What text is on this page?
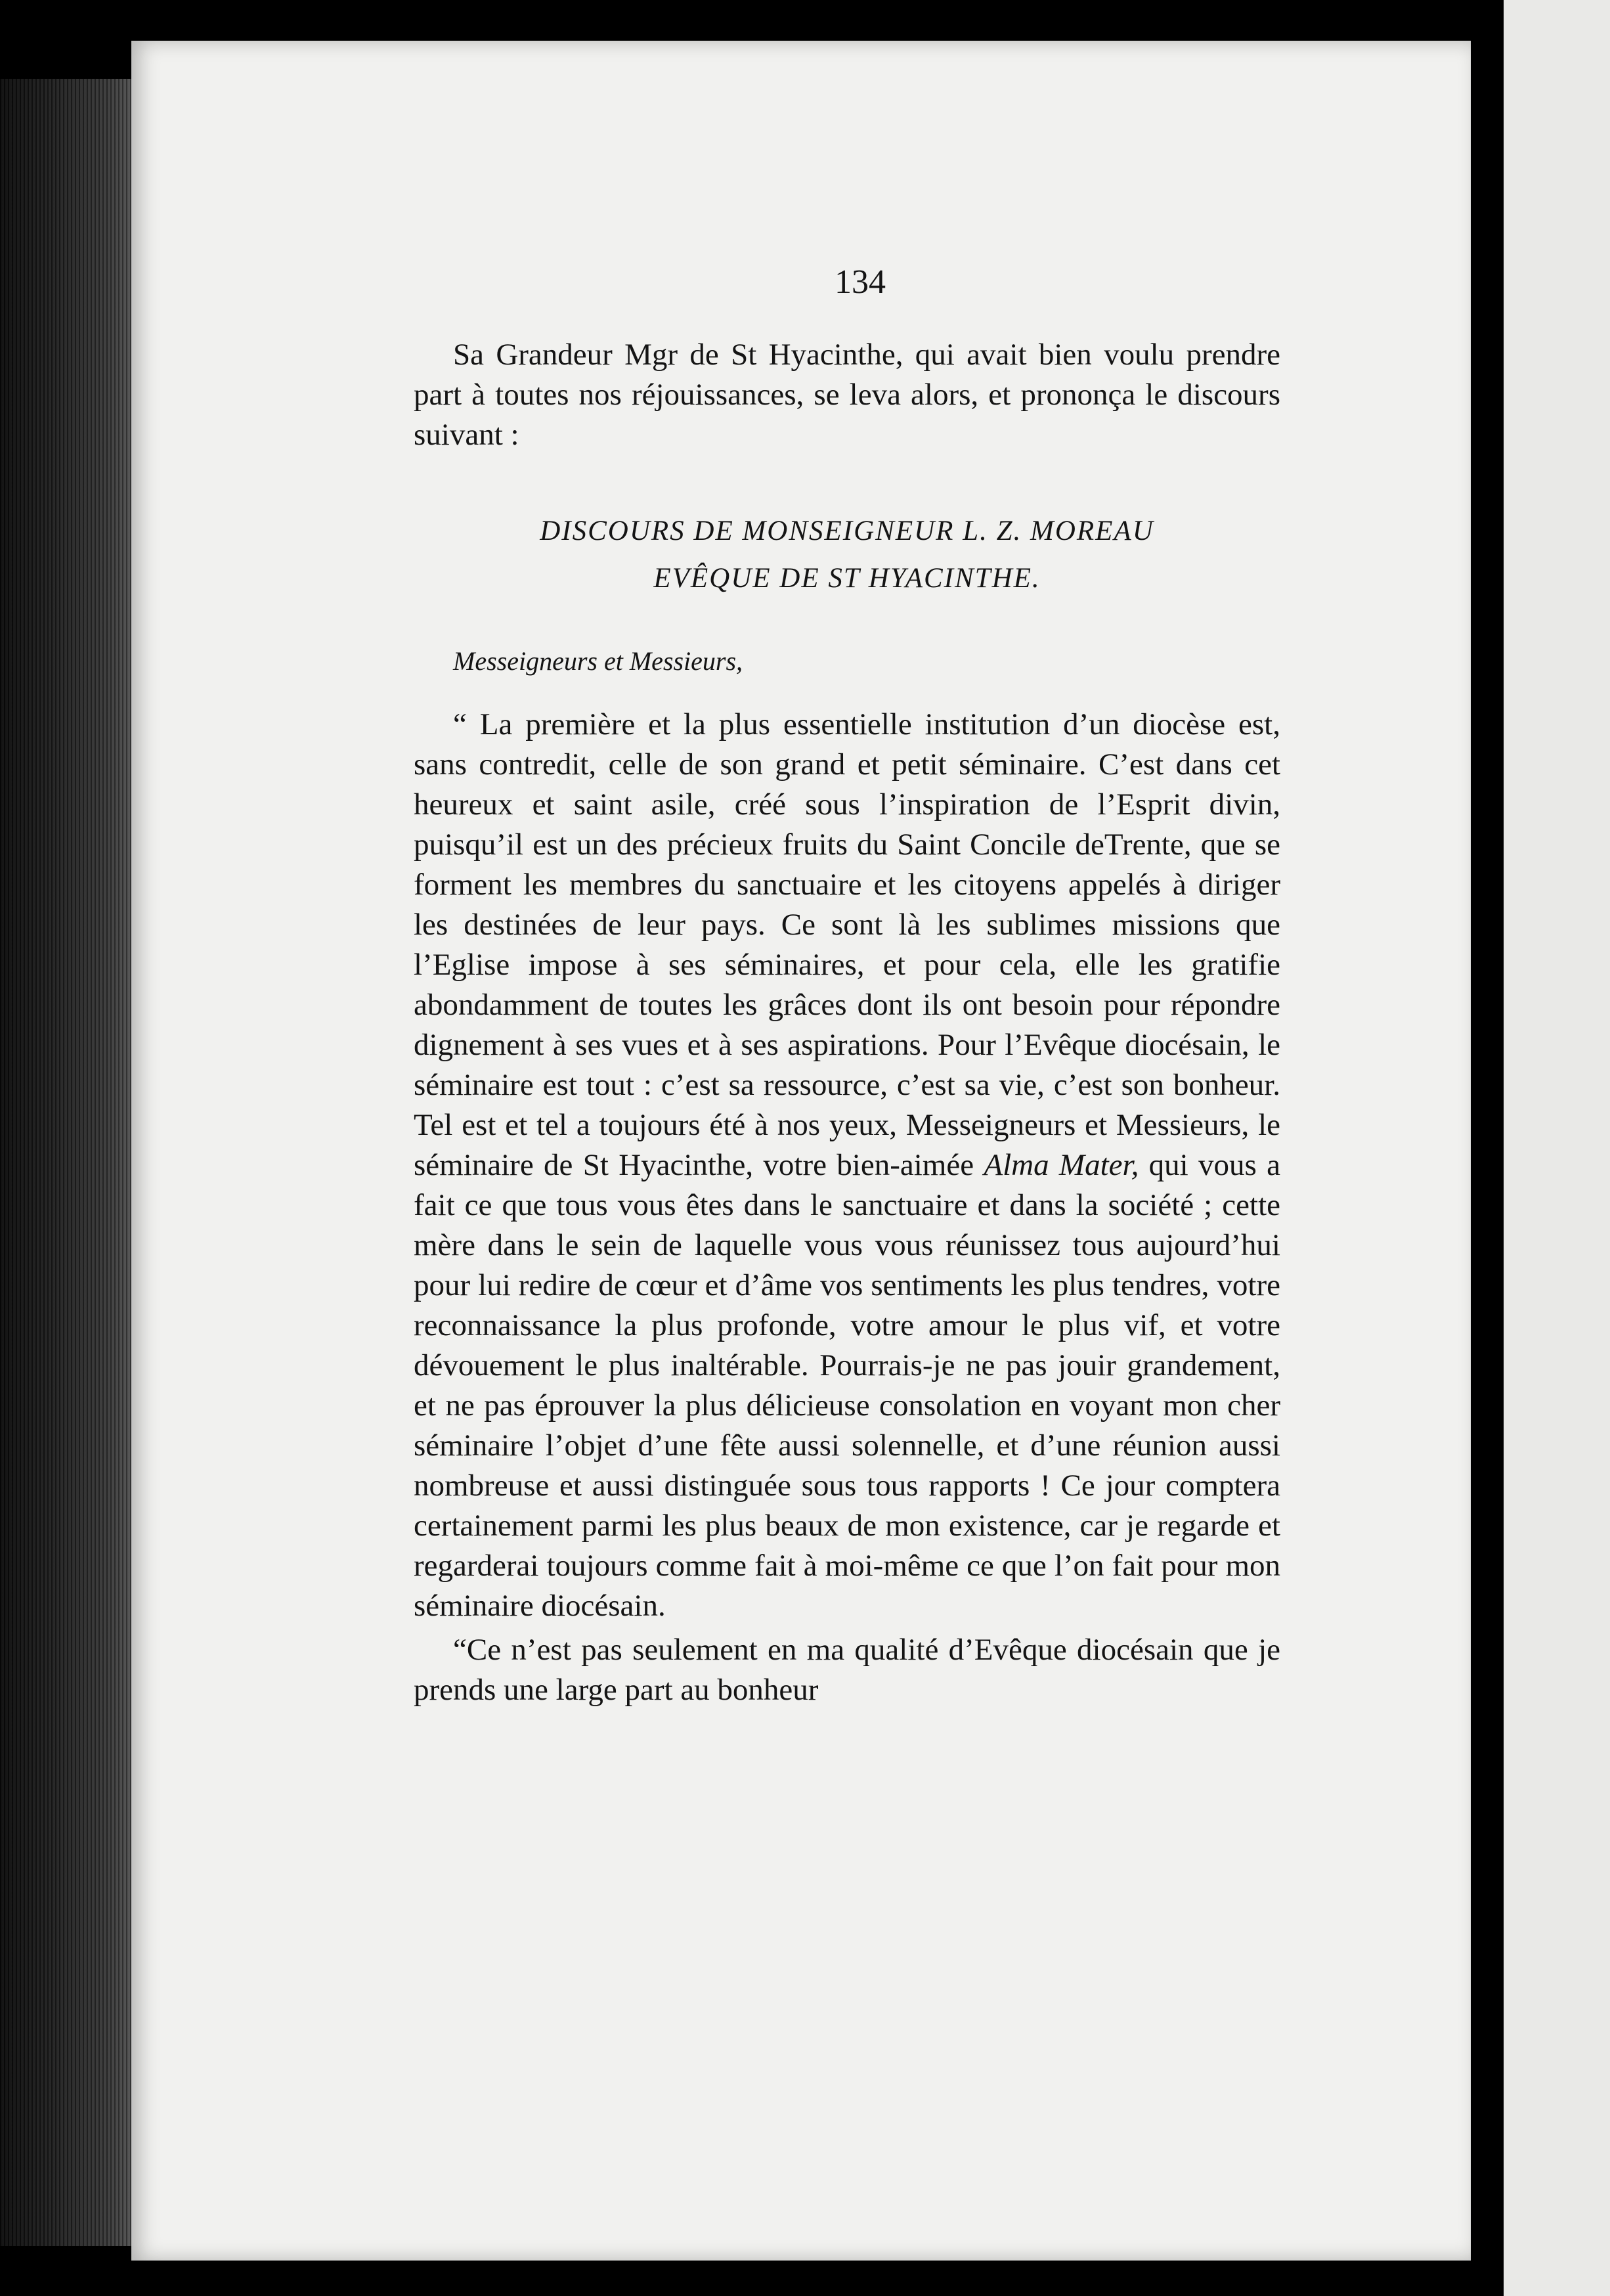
134

Sa Grandeur Mgr de St Hyacinthe, qui avait bien voulu prendre part à toutes nos réjouissances, se leva alors, et prononça le discours suivant :

DISCOURS DE MONSEIGNEUR L. Z. MOREAU

EVÊQUE DE ST HYACINTHE.

Messeigneurs et Messieurs,

“ La première et la plus essentielle institution d’un diocèse est, sans contredit, celle de son grand et petit séminaire. C’est dans cet heureux et saint asile, créé sous l’inspiration de l’Esprit divin, puisqu’il est un des précieux fruits du Saint Concile deTrente, que se forment les membres du sanctuaire et les citoyens appelés à diriger les destinées de leur pays. Ce sont là les sublimes missions que l’Eglise impose à ses séminaires, et pour cela, elle les gratifie abondamment de toutes les grâces dont ils ont besoin pour répondre dignement à ses vues et à ses aspirations. Pour l’Evêque diocésain, le séminaire est tout : c’est sa ressource, c’est sa vie, c’est son bonheur. Tel est et tel a toujours été à nos yeux, Messeigneurs et Messieurs, le séminaire de St Hyacinthe, votre bien-aimée Alma Mater, qui vous a fait ce que tous vous êtes dans le sanctuaire et dans la société ; cette mère dans le sein de laquelle vous vous réunissez tous aujourd’hui pour lui redire de cœur et d’âme vos sentiments les plus tendres, votre reconnaissance la plus profonde, votre amour le plus vif, et votre dévouement le plus inaltérable. Pourrais-je ne pas jouir grandement, et ne pas éprouver la plus délicieuse consolation en voyant mon cher séminaire l’objet d’une fête aussi solennelle, et d’une réunion aussi nombreuse et aussi distinguée sous tous rapports ! Ce jour comptera certainement parmi les plus beaux de mon existence, car je regarde et regarderai toujours comme fait à moi-même ce que l’on fait pour mon séminaire diocésain.

“Ce n’est pas seulement en ma qualité d’Evêque diocésain que je prends une large part au bonheur
